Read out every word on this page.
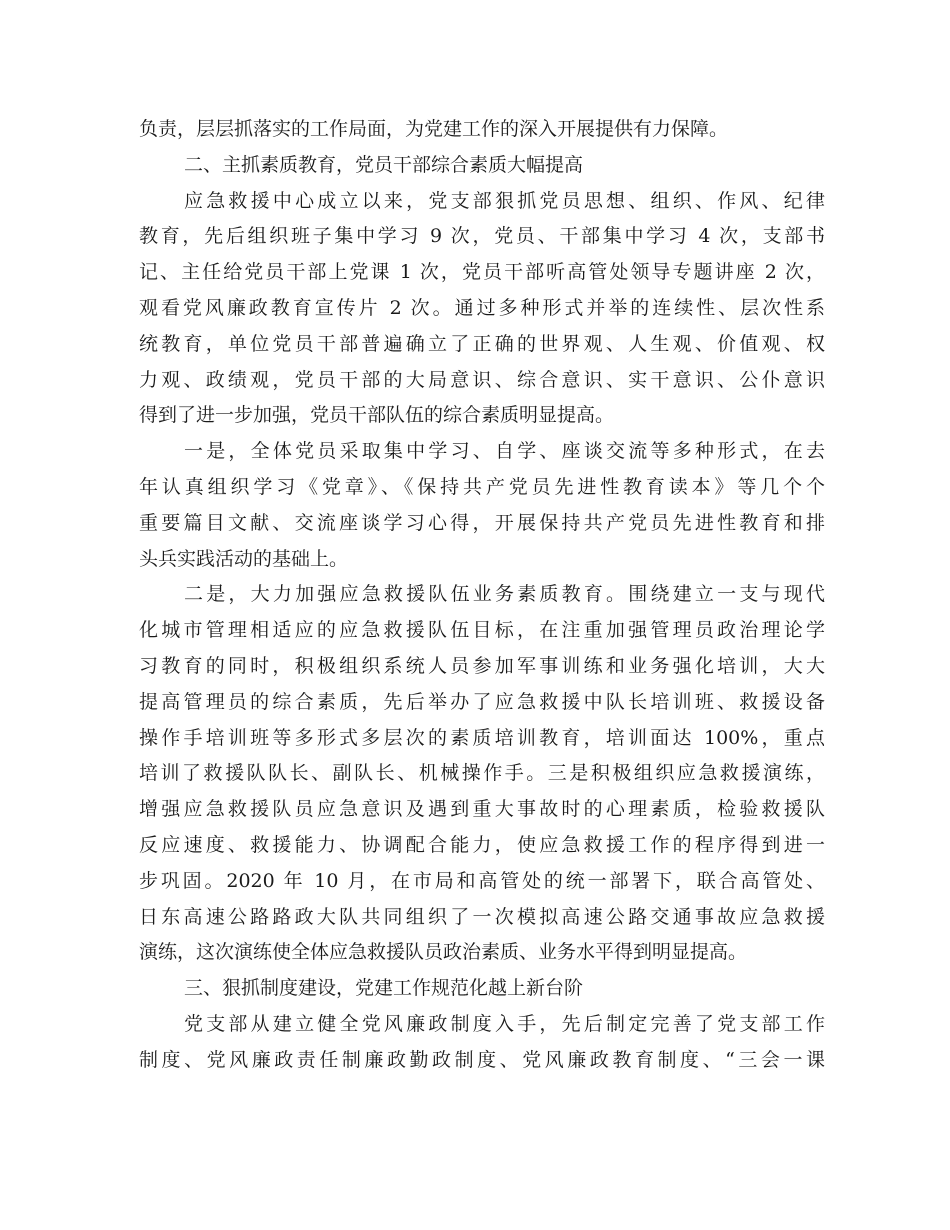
负责，层层抓落实的工作局面，为党建工作的深入开展提供有力保障。
二、主抓素质教育，党员干部综合素质大幅提高
应急救援中心成立以来，党支部狠抓党员思想、组织、作风、纪律
教育，先后组织班子集中学习 9 次，党员、干部集中学习 4 次，支部书
记、主任给党员干部上党课 1 次，党员干部听高管处领导专题讲座 2 次，
观看党风廉政教育宣传片 2 次。通过多种形式并举的连续性、层次性系
统教育，单位党员干部普遍确立了正确的世界观、人生观、价值观、权
力观、政绩观，党员干部的大局意识、综合意识、实干意识、公仆意识
得到了进一步加强，党员干部队伍的综合素质明显提高。
一是，全体党员采取集中学习、自学、座谈交流等多种形式，在去
年认真组织学习《党章》、《保持共产党员先进性教育读本》等几个个
重要篇目文献、交流座谈学习心得，开展保持共产党员先进性教育和排
头兵实践活动的基础上。
二是，大力加强应急救援队伍业务素质教育。围绕建立一支与现代
化城市管理相适应的应急救援队伍目标，在注重加强管理员政治理论学
习教育的同时，积极组织系统人员参加军事训练和业务强化培训，大大
提高管理员的综合素质，先后举办了应急救援中队长培训班、救援设备
操作手培训班等多形式多层次的素质培训教育，培训面达 100%，重点
培训了救援队队长、副队长、机械操作手。三是积极组织应急救援演练，
增强应急救援队员应急意识及遇到重大事故时的心理素质，检验救援队
反应速度、救援能力、协调配合能力，使应急救援工作的程序得到进一
步巩固。2020 年 10 月，在市局和高管处的统一部署下，联合高管处、
日东高速公路路政大队共同组织了一次模拟高速公路交通事故应急救援
演练，这次演练使全体应急救援队员政治素质、业务水平得到明显提高。
三、狠抓制度建设，党建工作规范化越上新台阶
党支部从建立健全党风廉政制度入手，先后制定完善了党支部工作
制度、党风廉政责任制廉政勤政制度、党风廉政教育制度、“三会一课
